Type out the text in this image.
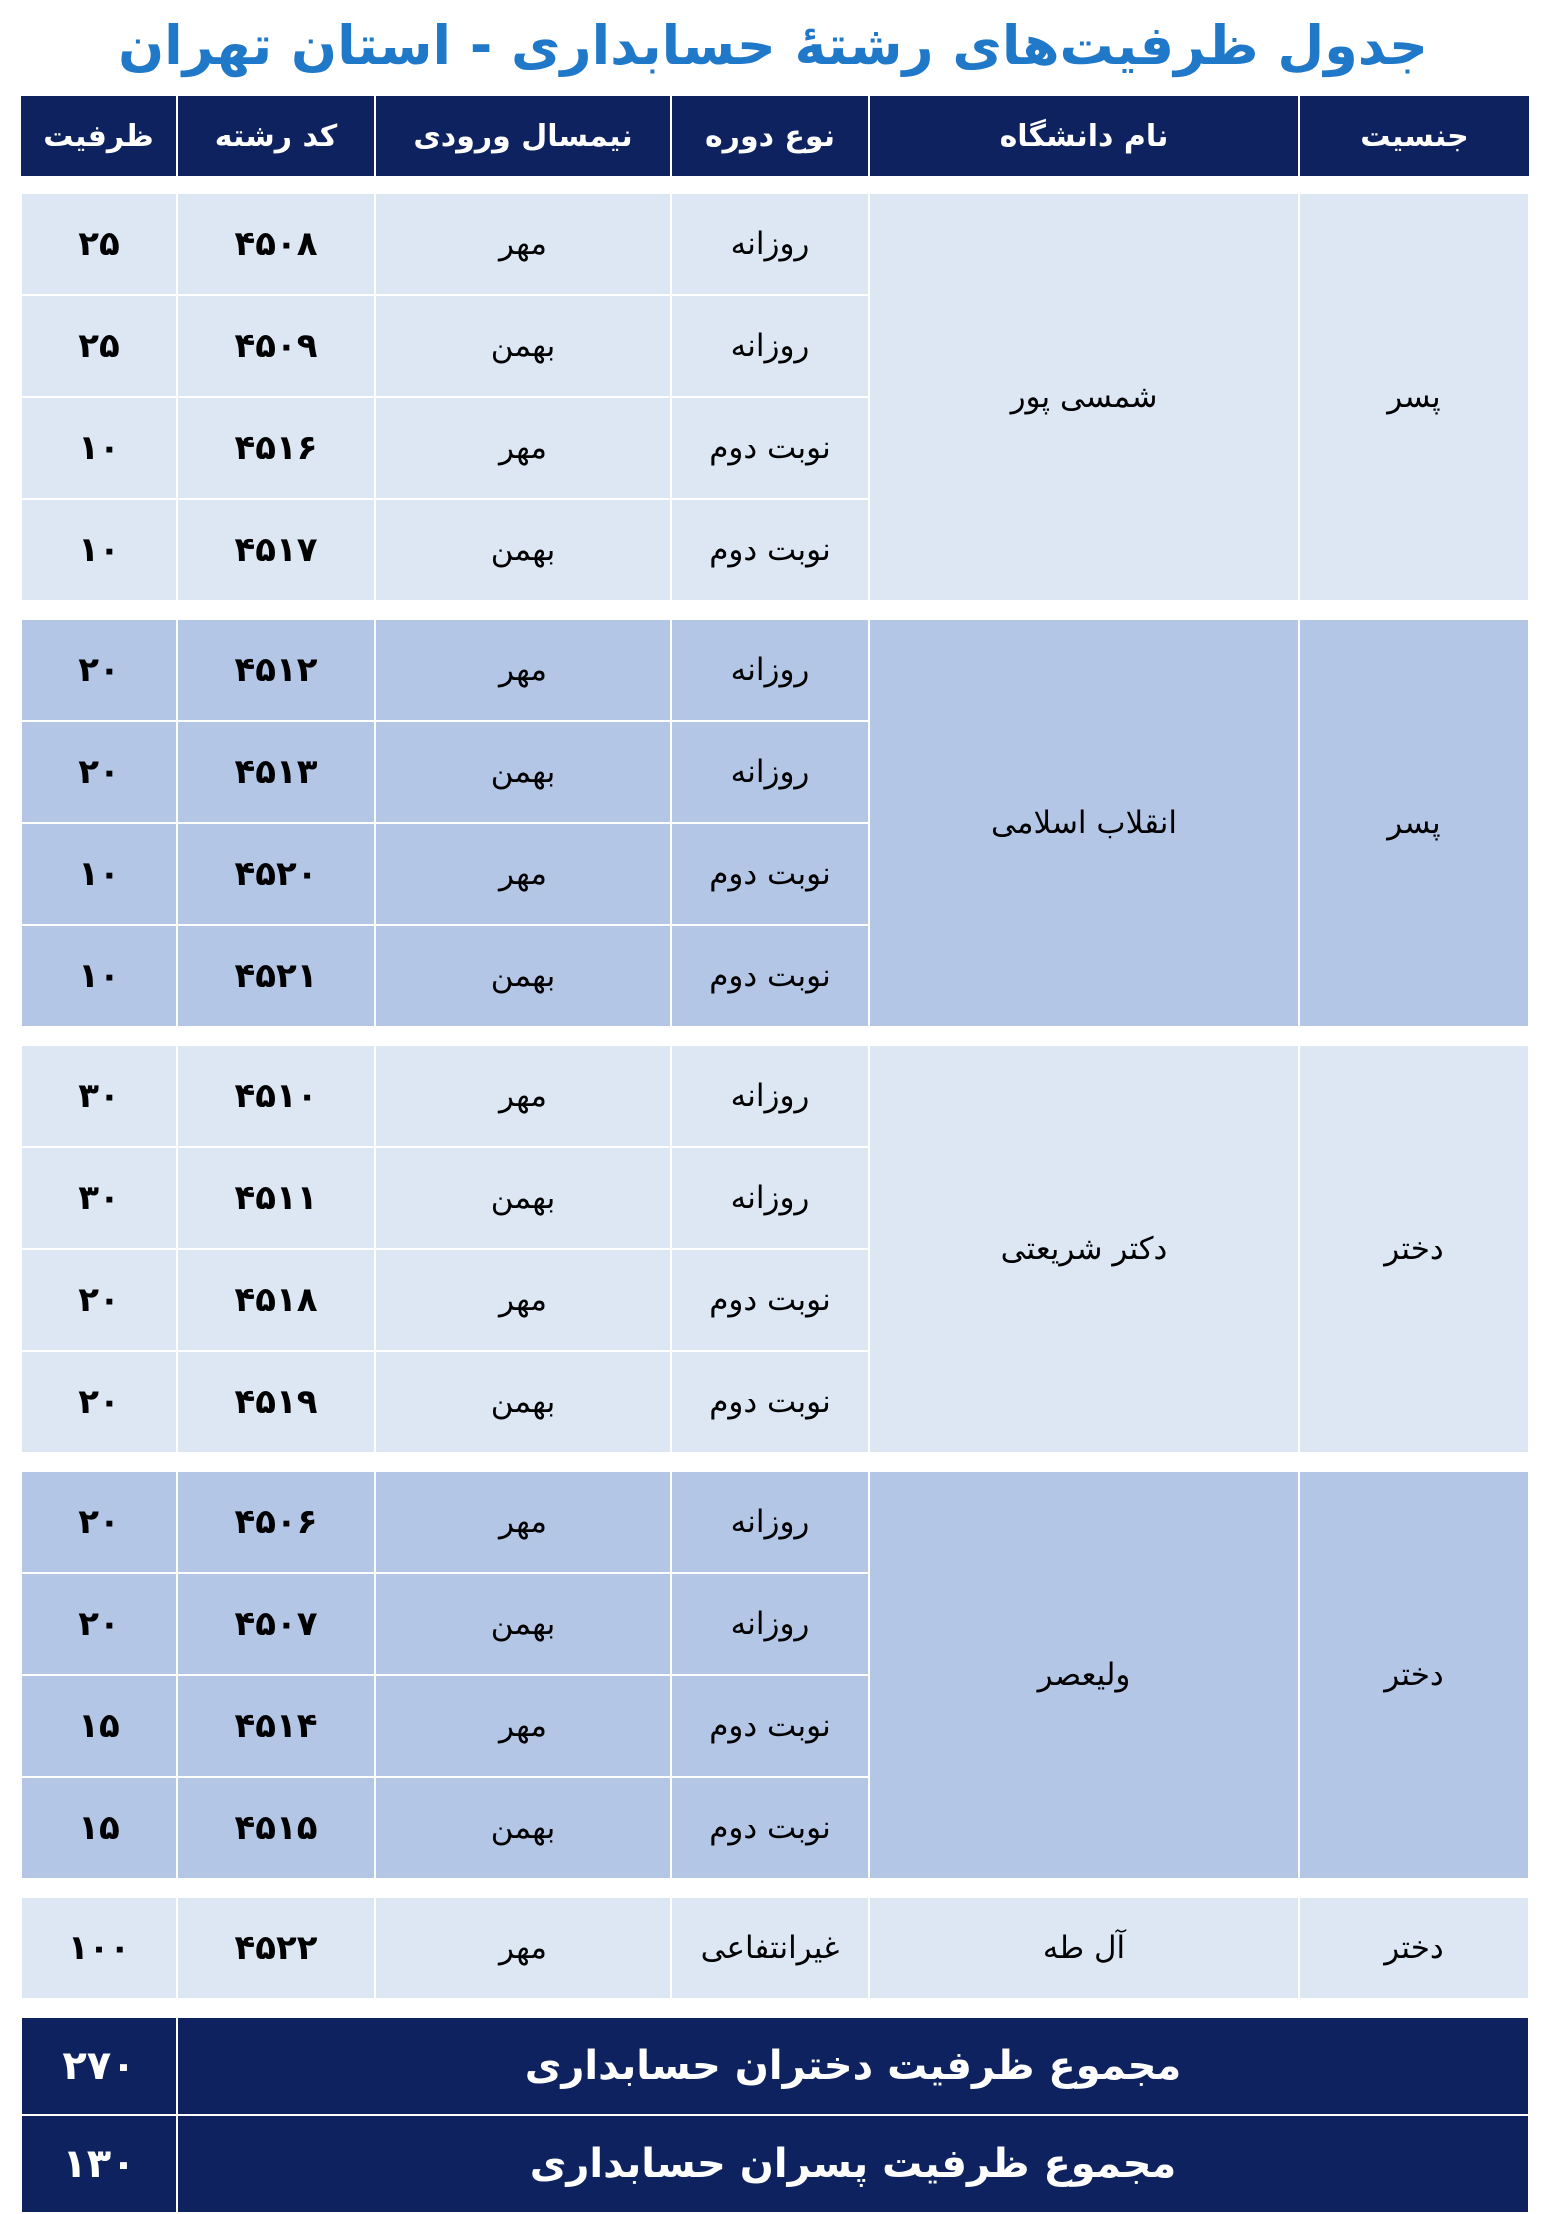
جدول ظرفیت‌های رشتهٔ حسابداری - استان تهران
جنسیت	نام دانشگاه	نوع دوره	نیمسال ورودی	کد رشته	ظرفیت

پسر	شمسی پور	روزانه	مهر	۴۵۰۸	۲۵
		روزانه	بهمن	۴۵۰۹	۲۵
		نوبت دوم	مهر	۴۵۱۶	۱۰
		نوبت دوم	بهمن	۴۵۱۷	۱۰

پسر	انقلاب اسلامی	روزانه	مهر	۴۵۱۲	۲۰
		روزانه	بهمن	۴۵۱۳	۲۰
		نوبت دوم	مهر	۴۵۲۰	۱۰
		نوبت دوم	بهمن	۴۵۲۱	۱۰

دختر	دکتر شریعتی	روزانه	مهر	۴۵۱۰	۳۰
		روزانه	بهمن	۴۵۱۱	۳۰
		نوبت دوم	مهر	۴۵۱۸	۲۰
		نوبت دوم	بهمن	۴۵۱۹	۲۰

دختر	ولیعصر	روزانه	مهر	۴۵۰۶	۲۰
		روزانه	بهمن	۴۵۰۷	۲۰
		نوبت دوم	مهر	۴۵۱۴	۱۵
		نوبت دوم	بهمن	۴۵۱۵	۱۵

دختر	آل طه	غیرانتفاعی	مهر	۴۵۲۲	۱۰۰

مجموع ظرفیت دختران حسابداری					۲۷۰
مجموع ظرفیت پسران حسابداری					۱۳۰
